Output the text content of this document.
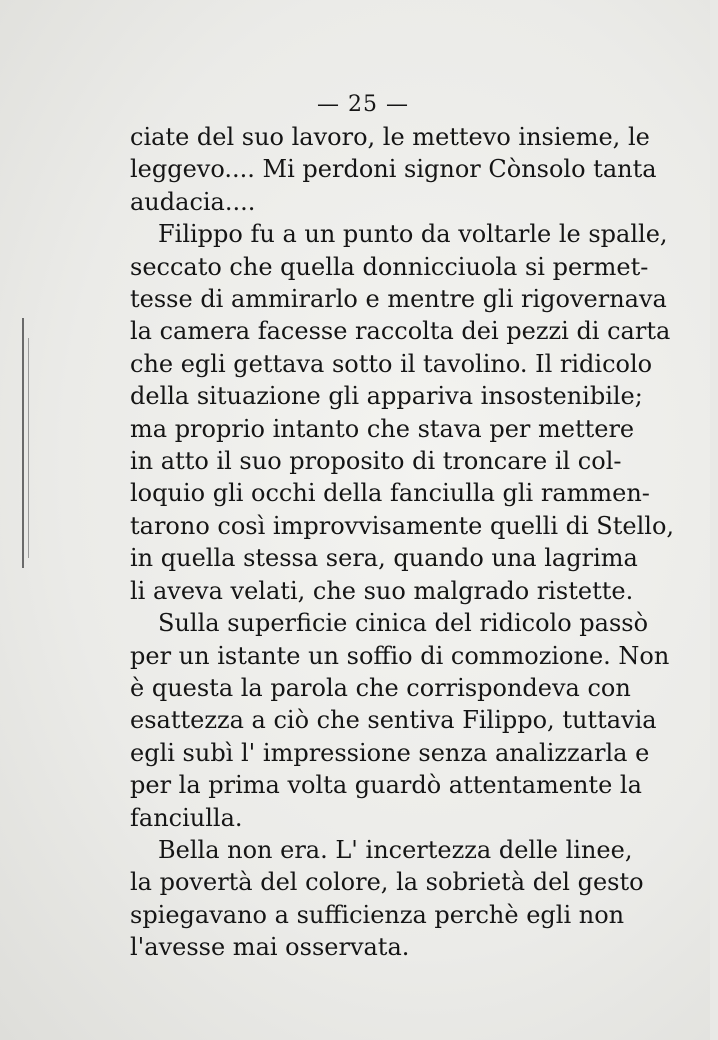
— 25 —
ciate del suo lavoro, le mettevo insieme, le
leggevo.... Mi perdoni signor Cònsolo tanta
audacia....
Filippo fu a un punto da voltarle le spalle,
seccato che quella donnicciuola si permet-
tesse di ammirarlo e mentre gli rigovernava
la camera facesse raccolta dei pezzi di carta
che egli gettava sotto il tavolino. Il ridicolo
della situazione gli appariva insostenibile;
ma proprio intanto che stava per mettere
in atto il suo proposito di troncare il col-
loquio gli occhi della fanciulla gli rammen-
tarono così improvvisamente quelli di Stello,
in quella stessa sera, quando una lagrima
li aveva velati, che suo malgrado ristette.
Sulla superficie cinica del ridicolo passò
per un istante un soffio di commozione. Non
è questa la parola che corrispondeva con
esattezza a ciò che sentiva Filippo, tuttavia
egli subì l' impressione senza analizzarla e
per la prima volta guardò attentamente la
fanciulla.
Bella non era. L' incertezza delle linee,
la povertà del colore, la sobrietà del gesto
spiegavano a sufficienza perchè egli non
l'avesse mai osservata.
